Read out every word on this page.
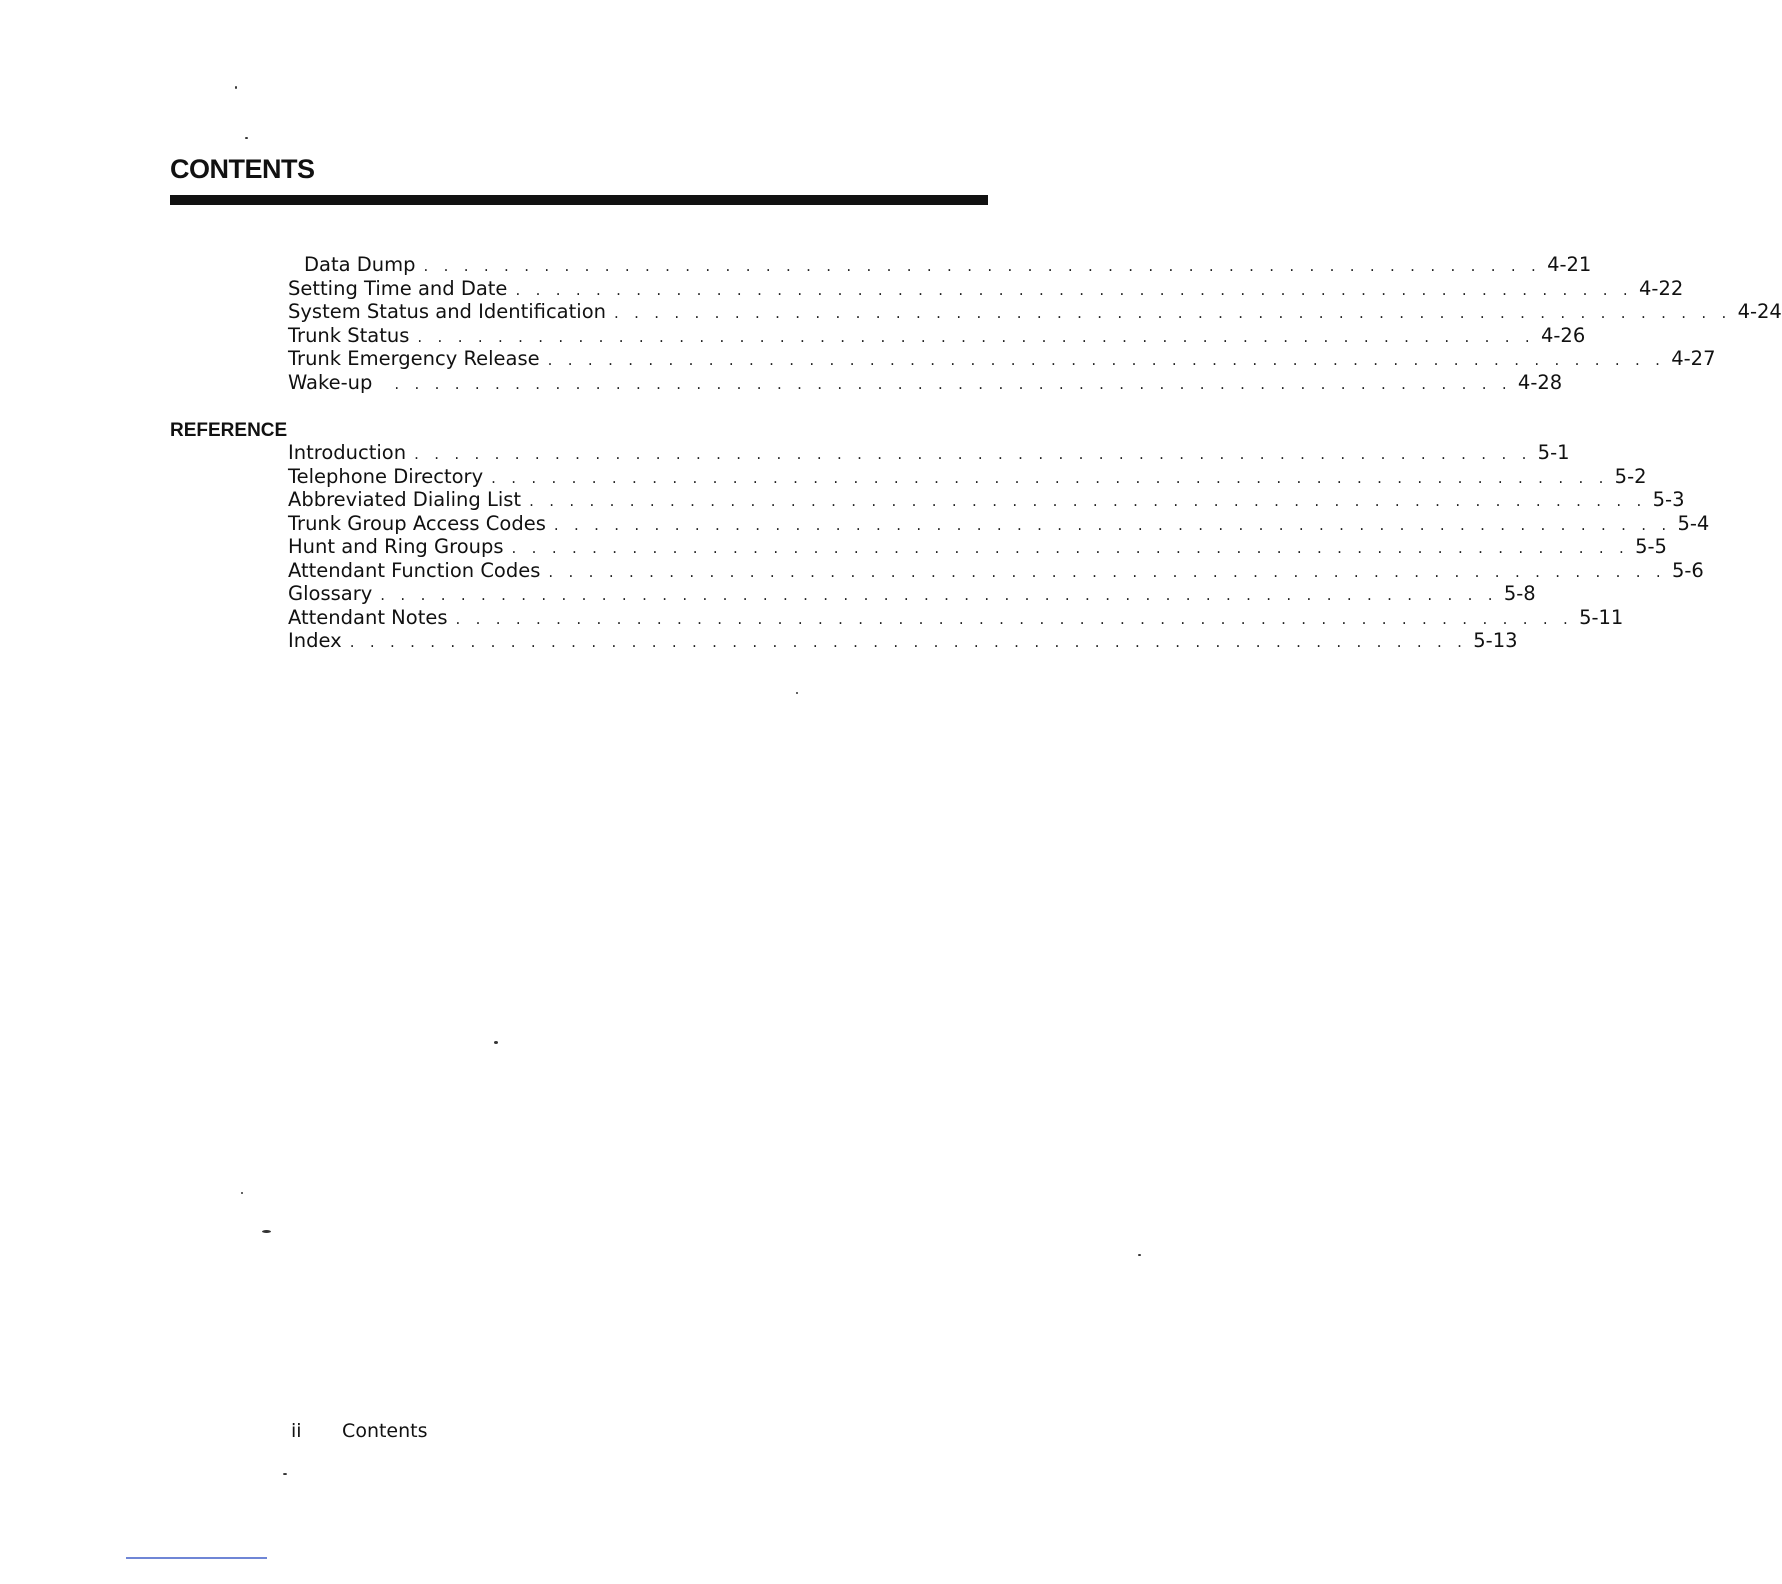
CONTENTS
Data Dump . . . . . . . . . . . . . . . . . . . . . . . . . . . . . . . . . . . . . . . . . . . . . . . . . . . . . . . . 4-21
Setting Time and Date . . . . . . . . . . . . . . . . . . . . . . . . . . . . . . . . . . . . . . . . . . . . . . . . . . . . . . . . 4-22
System Status and Identification . . . . . . . . . . . . . . . . . . . . . . . . . . . . . . . . . . . . . . . . . . . . . . . . . . . . . . . . 4-24
Trunk Status . . . . . . . . . . . . . . . . . . . . . . . . . . . . . . . . . . . . . . . . . . . . . . . . . . . . . . . . 4-26
Trunk Emergency Release . . . . . . . . . . . . . . . . . . . . . . . . . . . . . . . . . . . . . . . . . . . . . . . . . . . . . . . . 4-27
Wake-up	. . . . . . . . . . . . . . . . . . . . . . . . . . . . . . . . . . . . . . . . . . . . . . . . . . . . . . . . 4-28
REFERENCE
Introduction . . . . . . . . . . . . . . . . . . . . . . . . . . . . . . . . . . . . . . . . . . . . . . . . . . . . . . . . 5-1
Telephone Directory . . . . . . . . . . . . . . . . . . . . . . . . . . . . . . . . . . . . . . . . . . . . . . . . . . . . . . . . 5-2
Abbreviated Dialing List . . . . . . . . . . . . . . . . . . . . . . . . . . . . . . . . . . . . . . . . . . . . . . . . . . . . . . . . 5-3
Trunk Group Access Codes . . . . . . . . . . . . . . . . . . . . . . . . . . . . . . . . . . . . . . . . . . . . . . . . . . . . . . . . 5-4
Hunt and Ring Groups . . . . . . . . . . . . . . . . . . . . . . . . . . . . . . . . . . . . . . . . . . . . . . . . . . . . . . . . 5-5
Attendant Function Codes . . . . . . . . . . . . . . . . . . . . . . . . . . . . . . . . . . . . . . . . . . . . . . . . . . . . . . . . 5-6
Glossary . . . . . . . . . . . . . . . . . . . . . . . . . . . . . . . . . . . . . . . . . . . . . . . . . . . . . . . . 5-8
Attendant Notes . . . . . . . . . . . . . . . . . . . . . . . . . . . . . . . . . . . . . . . . . . . . . . . . . . . . . . . . 5-11
Index . . . . . . . . . . . . . . . . . . . . . . . . . . . . . . . . . . . . . . . . . . . . . . . . . . . . . . . . 5-13
ii Contents
